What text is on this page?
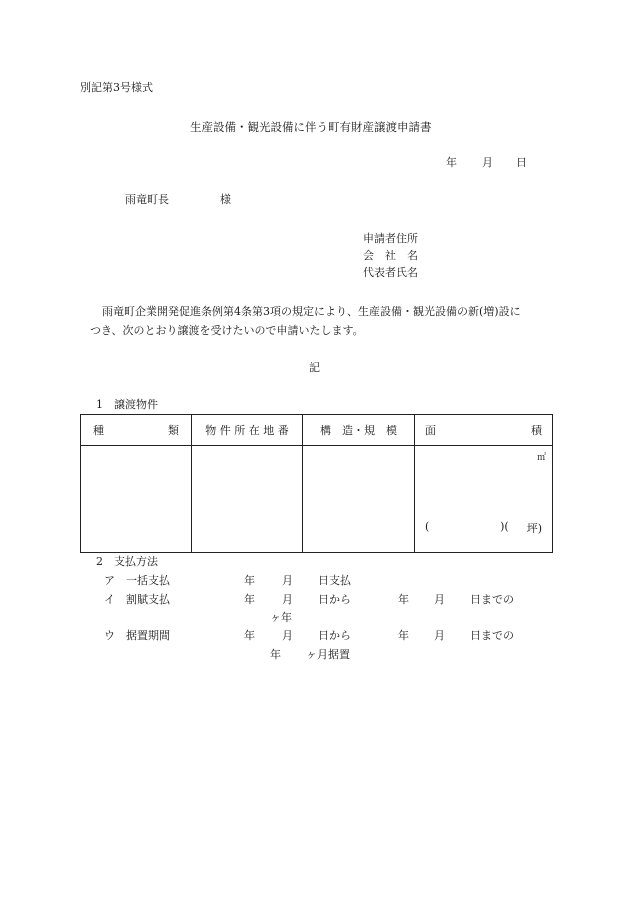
別記第3号様式
生産設備・観光設備に伴う町有財産譲渡申請書
年 月 日
雨竜町長	様
申請者住所
会　社　名
代表者氏名
雨竜町企業開発促進条例第4条第3項の規定により、生産設備・観光設備の新(増)設に
つき、次のとおり譲渡を受けたいので申請いたします。
記
1　譲渡物件
種 類	物 件 所 在 地 番	構　造・規　模	面 積

			㎡
( )( 坪)
2　支払方法
ア　一括支払	年 月 日支払
イ　割賦支払	年 月 日から	年 月 日までの
ヶ年
ウ　据置期間	年 月 日から	年 月 日までの
年 ヶ月据置
